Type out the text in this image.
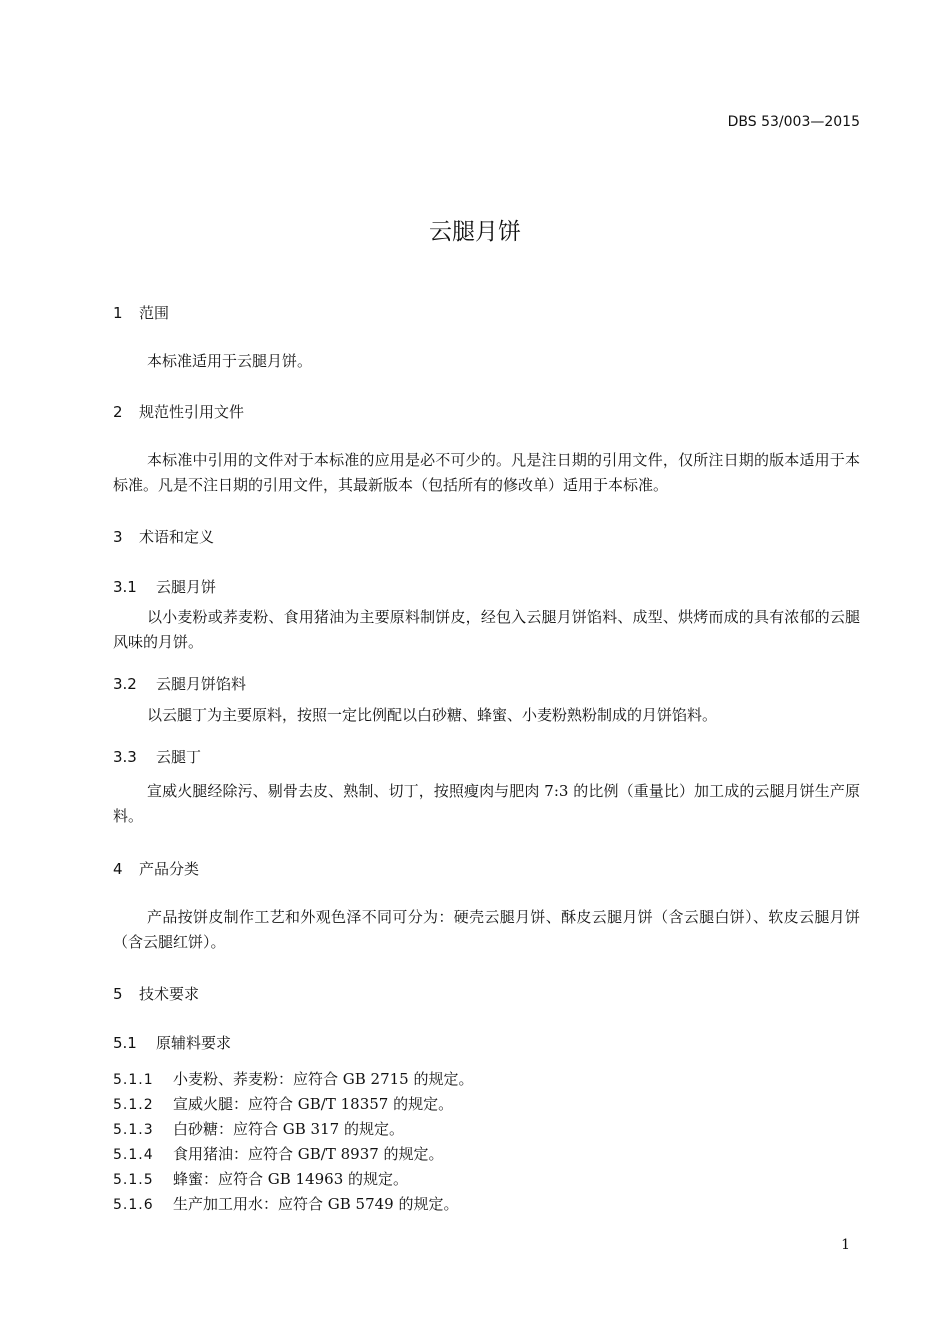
DBS 53/003—2015
云腿月饼
1 范围
本标准适用于云腿月饼。
2 规范性引用文件
本标准中引用的文件对于本标准的应用是必不可少的。凡是注日期的引用文件，仅所注日期的版本适用于本标准。凡是不注日期的引用文件，其最新版本（包括所有的修改单）适用于本标准。
3 术语和定义
3.1 云腿月饼
以小麦粉或荞麦粉、食用猪油为主要原料制饼皮，经包入云腿月饼馅料、成型、烘烤而成的具有浓郁的云腿风味的月饼。
3.2 云腿月饼馅料
以云腿丁为主要原料，按照一定比例配以白砂糖、蜂蜜、小麦粉熟粉制成的月饼馅料。
3.3 云腿丁
宣威火腿经除污、剔骨去皮、熟制、切丁，按照瘦肉与肥肉 7:3 的比例（重量比）加工成的云腿月饼生产原料。
4 产品分类
产品按饼皮制作工艺和外观色泽不同可分为：硬壳云腿月饼、酥皮云腿月饼（含云腿白饼）、软皮云腿月饼（含云腿红饼）。
5 技术要求
5.1 原辅料要求
5.1.1 小麦粉、荞麦粉：应符合 GB 2715 的规定。
5.1.2 宣威火腿：应符合 GB/T 18357 的规定。
5.1.3 白砂糖：应符合 GB 317 的规定。
5.1.4 食用猪油：应符合 GB/T 8937 的规定。
5.1.5 蜂蜜：应符合 GB 14963 的规定。
5.1.6 生产加工用水：应符合 GB 5749 的规定。
1
